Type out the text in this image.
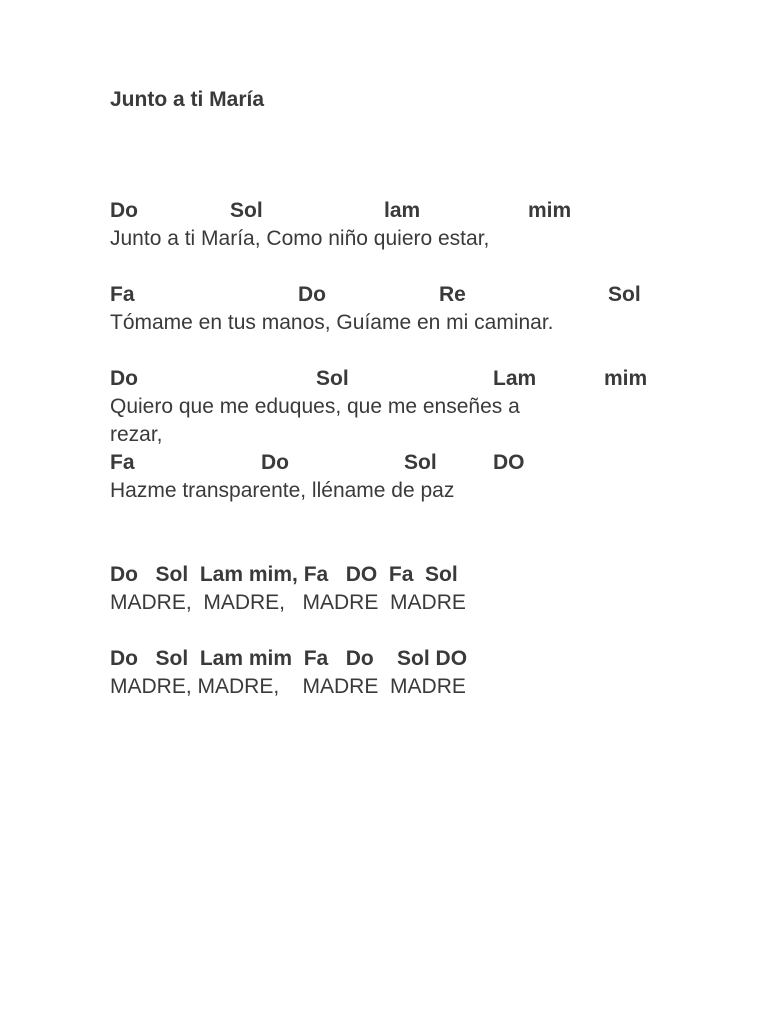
Junto a ti María

Do

	Sol

	lam

	mim

Junto a ti María, Como niño quiero estar,

Fa

	Do

	Re

	Sol

Tómame en tus manos, Guíame en mi caminar.

Do

	Sol

	Lam

	mim

Quiero que me eduques, que me enseñes a
rezar,

Fa

	Do

	Sol

	DO

Hazme transparente, lléname de paz
Do   Sol  Lam mim, Fa   DO  Fa  Sol
MADRE,  MADRE,   MADRE  MADRE
Do   Sol  Lam mim  Fa   Do    Sol DO
MADRE, MADRE,    MADRE  MADRE
